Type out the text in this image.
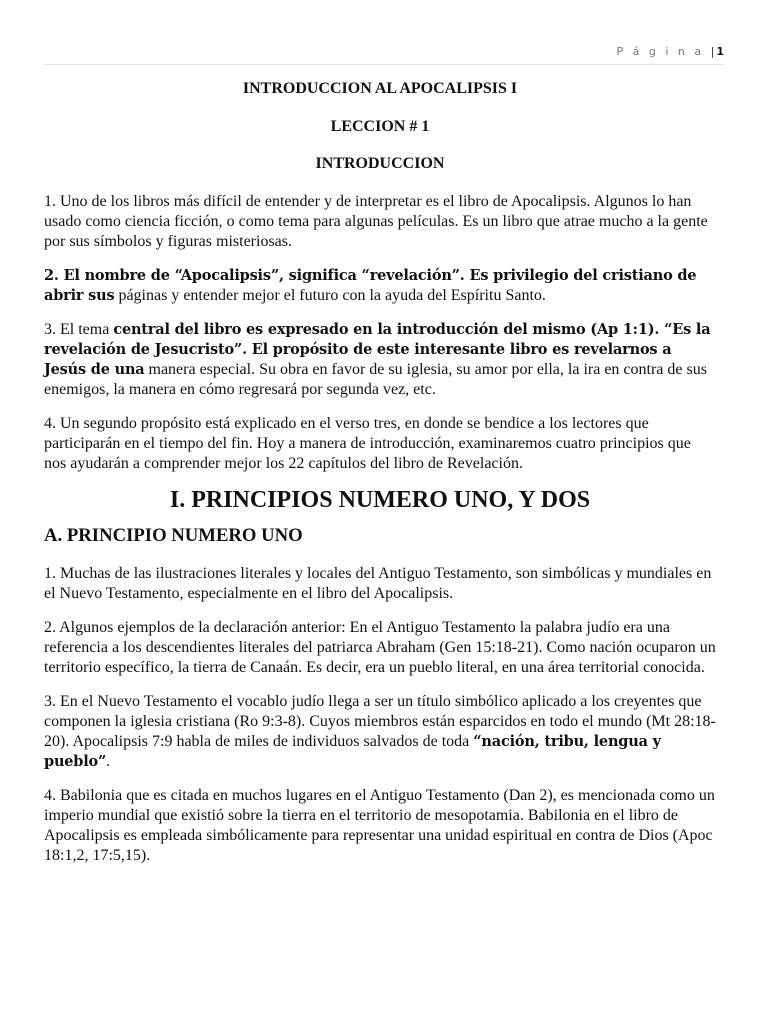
P á g i n a | 1
INTRODUCCION AL APOCALIPSIS I
LECCION # 1
INTRODUCCION

1. Uno de los libros más difícil de entender y de interpretar es el libro de Apocalipsis. Algunos lo han usado como ciencia ficción, o como tema para algunas películas. Es un libro que atrae mucho a la gente por sus símbolos y figuras misteriosas.

2. El nombre de “Apocalipsis”, significa “revelación”. Es privilegio del cristiano de abrir sus páginas y entender mejor el futuro con la ayuda del Espíritu Santo.

3. El tema central del libro es expresado en la introducción del mismo (Ap 1:1). “Es la revelación de Jesucristo”. El propósito de este interesante libro es revelarnos a Jesús de una manera especial. Su obra en favor de su iglesia, su amor por ella, la ira en contra de sus enemigos, la manera en cómo regresará por segunda vez, etc.

4. Un segundo propósito está explicado en el verso tres, en donde se bendice a los lectores que participarán en el tiempo del fin. Hoy a manera de introducción, examinaremos cuatro principios que nos ayudarán a comprender mejor los 22 capítulos del libro de Revelación.

I. PRINCIPIOS NUMERO UNO, Y DOS
A. PRINCIPIO NUMERO UNO

1. Muchas de las ilustraciones literales y locales del Antiguo Testamento, son simbólicas y mundiales en el Nuevo Testamento, especialmente en el libro del Apocalipsis.

2. Algunos ejemplos de la declaración anterior: En el Antiguo Testamento la palabra judío era una referencia a los descendientes literales del patriarca Abraham (Gen 15:18-21). Como nación ocuparon un territorio específico, la tierra de Canaán. Es decir, era un pueblo literal, en una área territorial conocida.

3. En el Nuevo Testamento el vocablo judío llega a ser un título simbólico aplicado a los creyentes que componen la iglesia cristiana (Ro 9:3-8). Cuyos miembros están esparcidos en todo el mundo (Mt 28:18-20). Apocalipsis 7:9 habla de miles de individuos salvados de toda “nación, tribu, lengua y pueblo”.

4. Babilonia que es citada en muchos lugares en el Antiguo Testamento (Dan 2), es mencionada como un imperio mundial que existió sobre la tierra en el territorio de mesopotamia. Babilonia en el libro de Apocalipsis es empleada simbólicamente para representar una unidad espiritual en contra de Dios (Apoc 18:1,2, 17:5,15).
